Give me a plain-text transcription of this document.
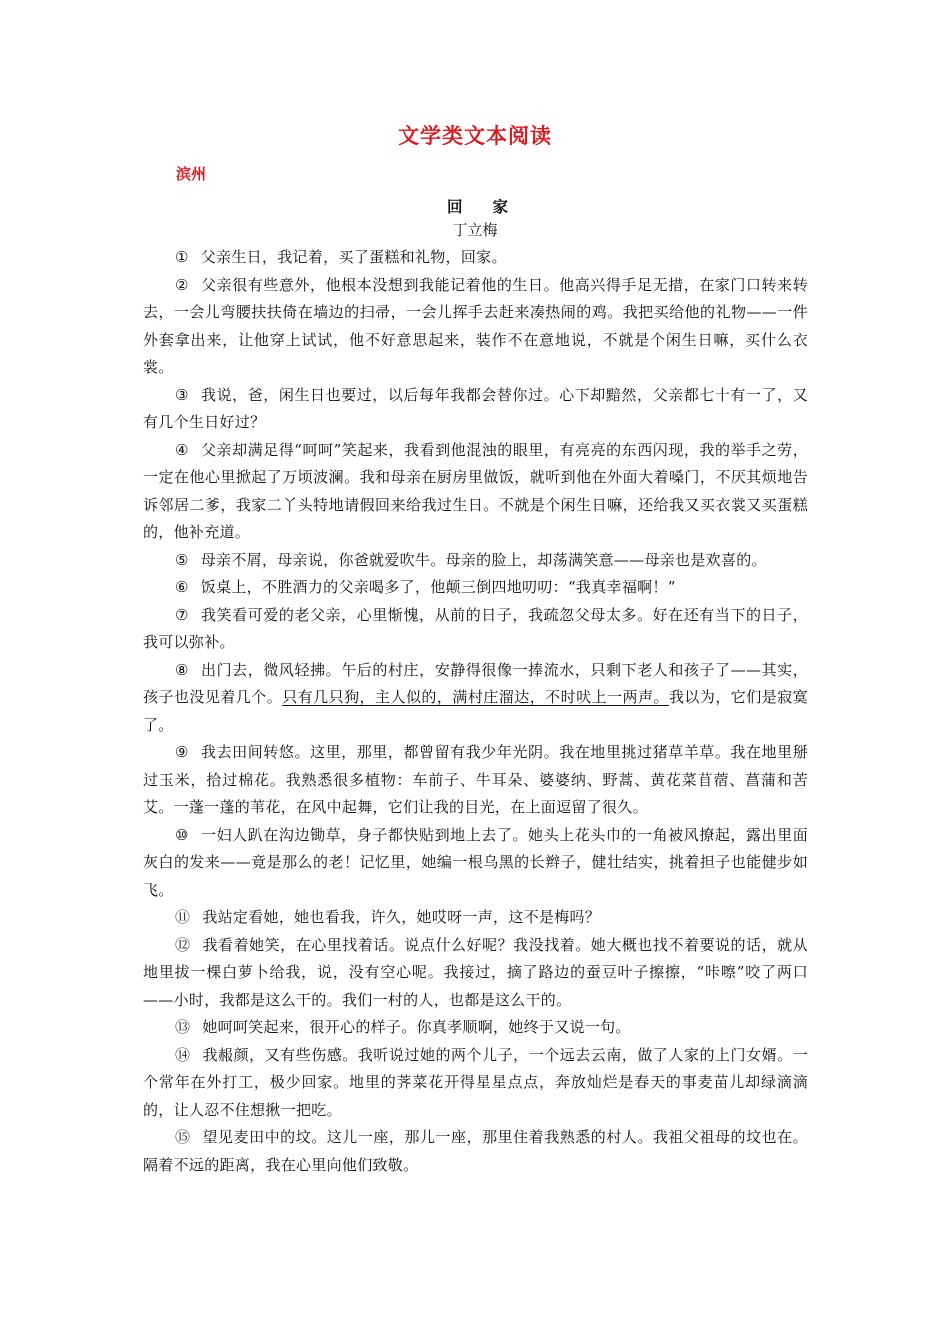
文学类文本阅读
滨州
回家
丁立梅

① 父亲生日，我记着，买了蛋糕和礼物，回家。

② 父亲很有些意外，他根本没想到我能记着他的生日。他高兴得手足无措，在家门口转来转去，一会儿弯腰扶扶倚在墙边的扫帚，一会儿挥手去赶来凑热闹的鸡。我把买给他的礼物——一件外套拿出来，让他穿上试试，他不好意思起来，装作不在意地说，不就是个闲生日嘛，买什么衣裳。

③ 我说，爸，闲生日也要过，以后每年我都会替你过。心下却黯然，父亲都七十有一了，又有几个生日好过？

④ 父亲却满足得“呵呵”笑起来，我看到他混浊的眼里，有亮亮的东西闪现，我的举手之劳，一定在他心里掀起了万顷波澜。我和母亲在厨房里做饭，就听到他在外面大着嗓门，不厌其烦地告诉邻居二爹，我家二丫头特地请假回来给我过生日。不就是个闲生日嘛，还给我又买衣裳又买蛋糕的，他补充道。

⑤ 母亲不屑，母亲说，你爸就爱吹牛。母亲的脸上，却荡满笑意——母亲也是欢喜的。

⑥ 饭桌上，不胜酒力的父亲喝多了，他颠三倒四地叨叨：“我真幸福啊！”

⑦ 我笑看可爱的老父亲，心里惭愧，从前的日子，我疏忽父母太多。好在还有当下的日子，我可以弥补。

⑧ 出门去，微风轻拂。午后的村庄，安静得很像一捧流水，只剩下老人和孩子了——其实，孩子也没见着几个。只有几只狗，主人似的，满村庄溜达，不时吠上一两声。我以为，它们是寂寞了。

⑨ 我去田间转悠。这里，那里，都曾留有我少年光阴。我在地里挑过猪草羊草。我在地里掰过玉米，拾过棉花。我熟悉很多植物：车前子、牛耳朵、婆婆纳、野蒿、黄花菜苜蓿、菖蒲和苦艾。一蓬一蓬的苇花，在风中起舞，它们让我的目光，在上面逗留了很久。

⑩ 一妇人趴在沟边锄草，身子都快贴到地上去了。她头上花头巾的一角被风撩起，露出里面灰白的发来——竟是那么的老！记忆里，她编一根乌黑的长辫子，健壮结实，挑着担子也能健步如飞。

⑪ 我站定看她，她也看我，许久，她哎呀一声，这不是梅吗？

⑫ 我看着她笑，在心里找着话。说点什么好呢？我没找着。她大概也找不着要说的话，就从地里拔一棵白萝卜给我，说，没有空心呢。我接过，摘了路边的蚕豆叶子擦擦，“咔嚓”咬了两口——小时，我都是这么干的。我们一村的人，也都是这么干的。

⑬ 她呵呵笑起来，很开心的样子。你真孝顺啊，她终于又说一句。

⑭ 我赧颜，又有些伤感。我听说过她的两个儿子，一个远去云南，做了人家的上门女婿。一个常年在外打工，极少回家。地里的荠菜花开得星星点点，奔放灿烂是春天的事麦苗儿却绿滴滴的，让人忍不住想揪一把吃。

⑮ 望见麦田中的坟。这儿一座，那儿一座，那里住着我熟悉的村人。我祖父祖母的坟也在。隔着不远的距离，我在心里向他们致敬。
